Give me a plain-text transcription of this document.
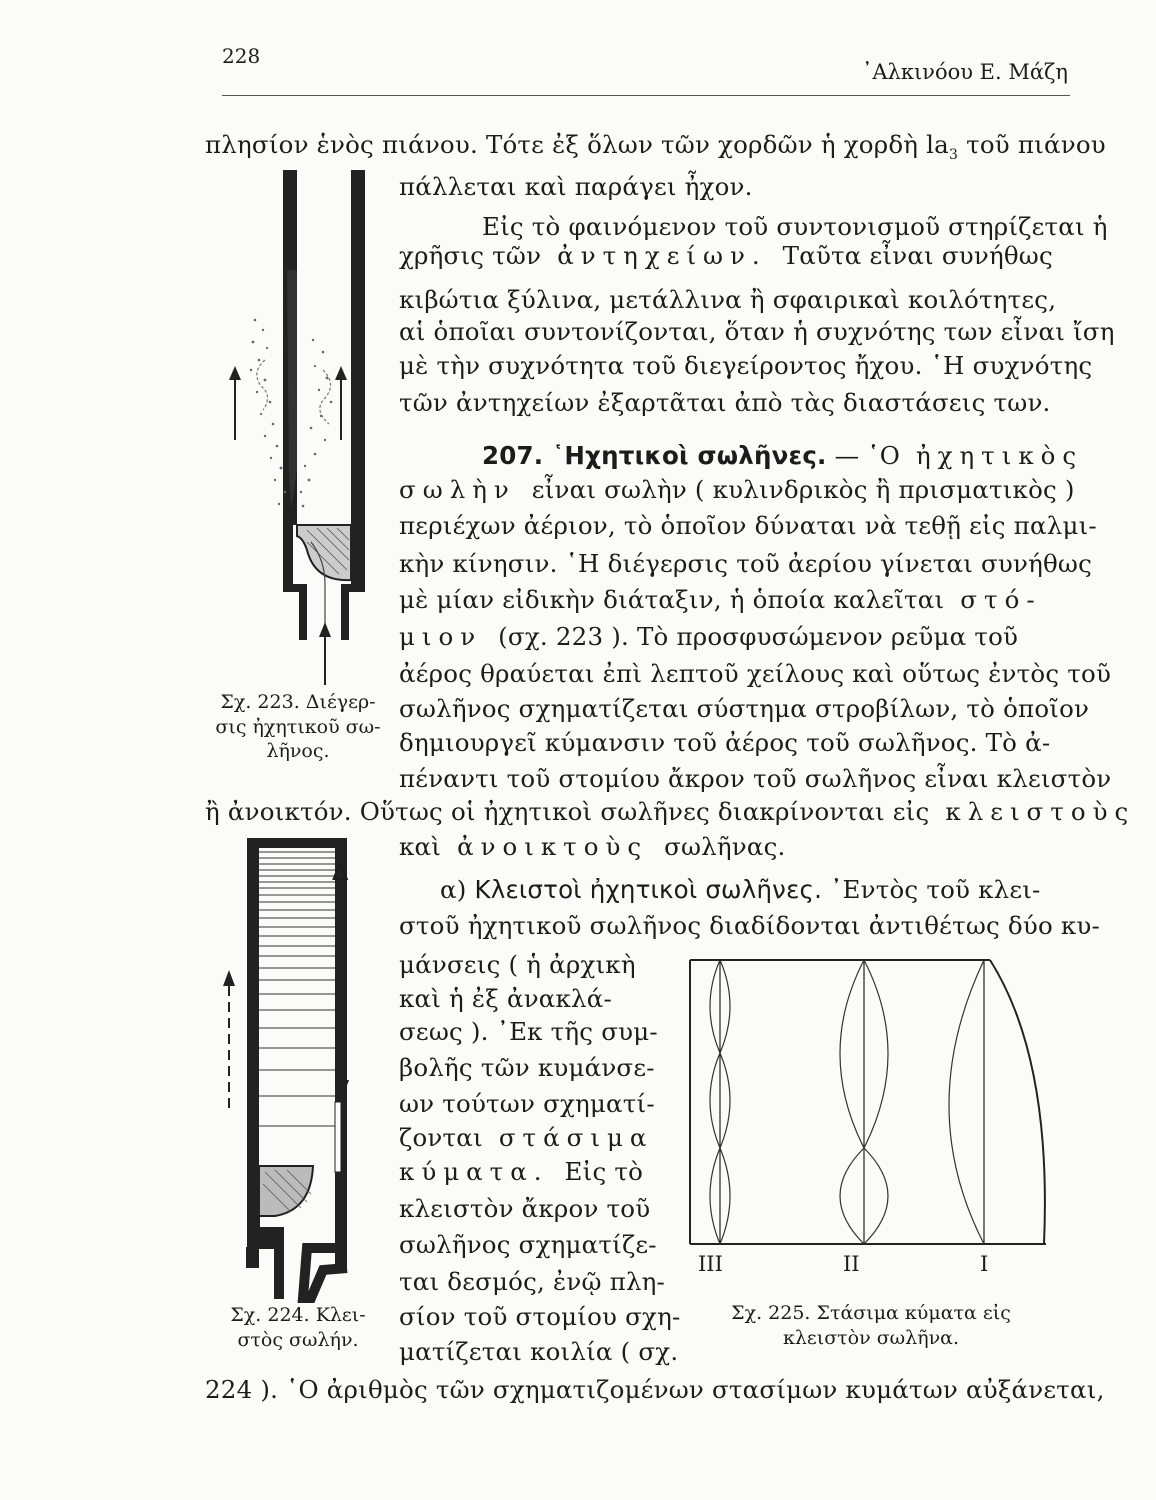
228
᾿Αλκινόου Ε. Μάζη
πλησίον ἑνὸς πιάνου. Τότε ἐξ ὅλων τῶν χορδῶν ἡ χορδὴ $la_3$ τοῦ πιάνου
πάλλεται καὶ παράγει ἦχον.
Εἰς τὸ φαινόμενον τοῦ συντονισμοῦ στηρίζεται ἡ
χρῆσις τῶν ἀντηχείων. Ταῦτα εἶναι συνήθως
κιβώτια ξύλινα, μετάλλινα ἢ σφαιρικαὶ κοιλότητες,
αἱ ὁποῖαι συντονίζονται, ὅταν ἡ συχνότης των εἶναι ἴση
μὲ τὴν συχνότητα τοῦ διεγείροντος ἤχου. ῾Η συχνότης
τῶν ἀντηχείων ἐξαρτᾶται ἀπὸ τὰς διαστάσεις των.
207. ῾Ηχητικοὶ σωλῆνες. — ῾Ο ἠχητικὸς
σωλὴν εἶναι σωλὴν ( κυλινδρικὸς ἢ πρισματικὸς )
περιέχων ἀέριον, τὸ ὁποῖον δύναται νὰ τεθῇ εἰς παλμι-
κὴν κίνησιν. ῾Η διέγερσις τοῦ ἀερίου γίνεται συνήθως
μὲ μίαν εἰδικὴν διάταξιν, ἡ ὁποία καλεῖται στό-
μιον (σχ. 223 ). Τὸ προσφυσώμενον ρεῦμα τοῦ
ἀέρος θραύεται ἐπὶ λεπτοῦ χείλους καὶ οὕτως ἐντὸς τοῦ
σωλῆνος σχηματίζεται σύστημα στροβίλων, τὸ ὁποῖον
δημιουργεῖ κύμανσιν τοῦ ἀέρος τοῦ σωλῆνος. Τὸ ἀ-
πέναντι τοῦ στομίου ἄκρον τοῦ σωλῆνος εἶναι κλειστὸν
ἢ ἀνοικτόν. Οὕτως οἱ ἠχητικοὶ σωλῆνες διακρίνονται εἰς κλειστοὺς
καὶ ἀνοικτοὺς σωλῆνας.
α) Κλειστοὶ ἠχητικοὶ σωλῆνες. ᾿Εντὸς τοῦ κλει-
στοῦ ἠχητικοῦ σωλῆνος διαδίδονται ἀντιθέτως δύο κυ-
μάνσεις ( ἡ ἀρχικὴ
καὶ ἡ ἐξ ἀνακλά-
σεως ). ᾿Εκ τῆς συμ-
βολῆς τῶν κυμάνσε-
ων τούτων σχηματί-
ζονται στάσιμα
κύματα. Εἰς τὸ
κλειστὸν ἄκρον τοῦ
σωλῆνος σχηματίζε-
ται δεσμός, ἐνῷ πλη-
σίον τοῦ στομίου σχη-
ματίζεται κοιλία ( σχ.
224 ). ῾Ο ἀριθμὸς τῶν σχηματιζομένων στασίμων κυμάτων αὐξάνεται,
Σχ. 223. Διέγερ-
σις ἠχητικοῦ σω-
λῆνος.
Δ
Σχ. 224. Κλει-
στὸς σωλήν.
III	II	I
Σχ. 225. Στάσιμα κύματα εἰς
κλειστὸν σωλῆνα.
